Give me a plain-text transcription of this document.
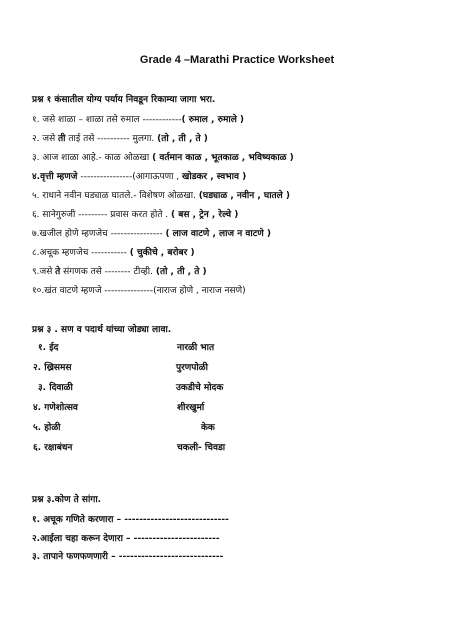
Grade 4 –Marathi Practice Worksheet
प्रश्न १ कंसातील योग्य पर्याय निवडून रिकाम्या जागा भरा.
१. जसे शाळा – शाळा तसे रुमाल ------------( रुमाल , रुमाले )
२. जसे ती ताई तसे ---------- मुलगा. (तो , ती , ते )
३. आज शाळा आहे.- काळ ओळखा ( वर्तमान काळ , भूतकाळ , भविष्यकाळ )
४.वृत्ती म्हणजे ----------------(आगाऊपणा , खोडकर , स्वभाव )
५. राधाने नवीन घड्याळ घातले.- विशेषण ओळखा. (घड्याळ , नवीन , घातले )
६. सानेगुरुजी --------- प्रवास करत होते . ( बस , ट्रेन , रेल्वे )
७.खजील होणे म्हणजेच ---------------- ( लाज वाटणे , लाज न वाटणे )
८.अचूक म्हणजेच ----------- ( चुकीचे , बरोबर )
९.जसे ते संगणक तसे -------- टीव्ही. (तो , ती , ते )
१०.खंत वाटणे म्हणजे ---------------(नाराज होणे , नाराज नसणे)
प्रश्न ३ . सण व पदार्थ यांच्या जोड्या लावा.
१. ईद	नारळी भात
२. ख्रिसमस	पुरणपोळी
३. दिवाळी	उकडीचे मोदक
४. गणेशोत्सव	शीरखुर्मा
५. होळी	केक
६. रक्षाबंधन	चकली- चिवडा
प्रश्न ३.कोण ते सांगा.
१. अचूक गणिते करणारा – ----------------------------
२.आईला चहा करून देणारा – -----------------------
३. तापाने फणफणणारी – ----------------------------
